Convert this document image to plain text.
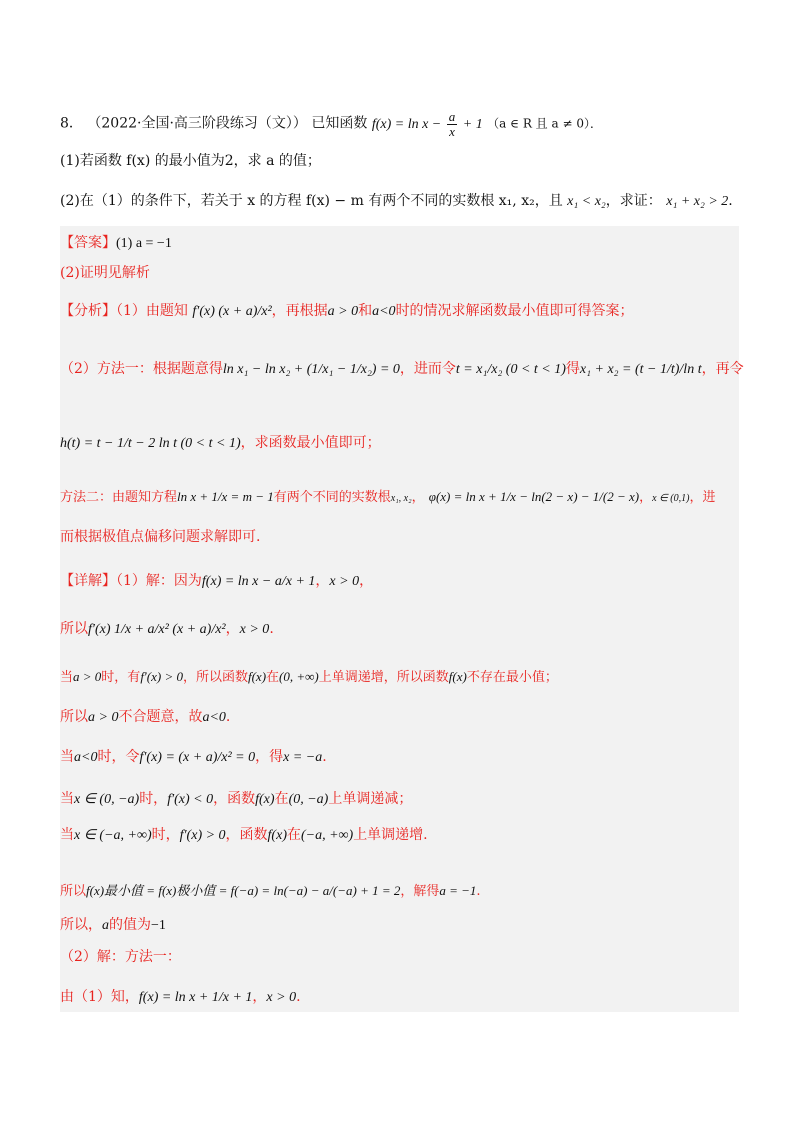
8． （2022·全国·高三阶段练习（文）） 已知函数 $f(x) = \ln x - \frac{a}{x} + 1$ （a ∈ R 且 a ≠ 0）．
(1)若函数 f(x) 的最小值为2，求 a 的值；
(2)在（1）的条件下，若关于 x 的方程 f(x) − m 有两个不同的实数根 x₁, x₂，且 x₁ < x₂，求证： x₁ + x₂ > 2.
【答案】(1) a = −1
(2)证明见解析
【分析】（1）由题知 f′(x) (x + a)/x²，再根据a > 0和a<0时的情况求解函数最小值即可得答案；
（2）方法一：根据题意得ln x₁ − ln x₂ + (1/x₁ − 1/x₂) = 0，进而令t = x₁/x₂ (0 < t < 1)得x₁ + x₂ = (t − 1/t)/ln t，再令
h(t) = t − 1/t − 2 ln t (0 < t < 1)，求函数最小值即可；
方法二：由题知方程ln x + 1/x = m − 1有两个不同的实数根x₁, x₂， φ(x) = ln x + 1/x − ln(2 − x) − 1/(2 − x)，x ∈ (0,1)，进
而根据极值点偏移问题求解即可.
【详解】（1）解：因为f(x) = ln x − a/x + 1，x > 0，
所以f′(x) 1/x + a/x² (x + a)/x²，x > 0.
当a > 0时，有f′(x) > 0，所以函数f(x)在(0, +∞)上单调递增，所以函数f(x)不存在最小值；
所以a > 0不合题意，故a<0.
当a<0时，令f′(x) = (x + a)/x² = 0，得x = −a.
当x ∈ (0, −a)时，f′(x) < 0，函数f(x)在(0, −a)上单调递减；
当x ∈ (−a, +∞)时，f′(x) > 0，函数f(x)在(−a, +∞)上单调递增.
所以f(x)最小值 = f(x)极小值 = f(−a) = ln(−a) − a/(−a) + 1 = 2，解得a = −1.
所以，a的值为−1
（2）解：方法一：
由（1）知，f(x) = ln x + 1/x + 1，x > 0.
